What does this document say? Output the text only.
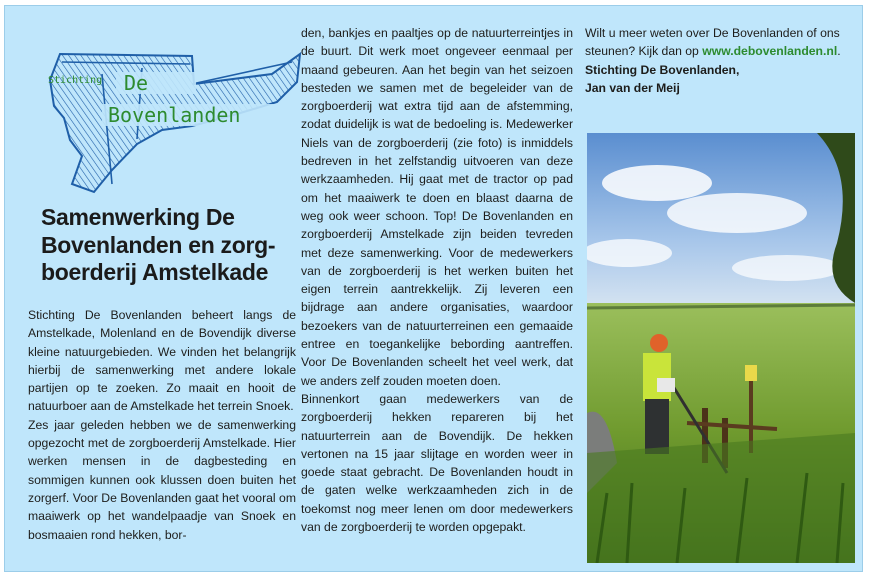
Stichting De
Bovenlanden
Samenwerking De Bovenlanden en zorg-boerderij Amstelkade

Stichting De Bovenlanden beheert langs de Amstelkade, Molenland en de Bovendijk diverse kleine natuurgebieden. We vinden het belangrijk hierbij de samenwerking met andere lokale partijen op te zoeken. Zo maait en hooit de natuurboer aan de Amstelkade het terrein Snoek.

Zes jaar geleden hebben we de samenwerking opgezocht met de zorgboerderij Amstelkade. Hier werken mensen in de dagbesteding en sommigen kunnen ook klussen doen buiten het zorgerf. Voor De Bovenlanden gaat het vooral om maaiwerk op het wandelpaadje van Snoek en bosmaaien rond hekken, bor-

den, bankjes en paaltjes op de natuurterreintjes in de buurt. Dit werk moet ongeveer eenmaal per maand gebeuren. Aan het begin van het seizoen besteden we samen met de begeleider van de zorgboerderij wat extra tijd aan de afstemming, zodat duidelijk is wat de bedoeling is. Medewerker Niels van de zorgboerderij (zie foto) is inmiddels bedreven in het zelfstandig uitvoeren van deze werkzaamheden. Hij gaat met de tractor op pad om het maaiwerk te doen en blaast daarna de weg ook weer schoon. Top! De Bovenlanden en zorgboerderij Amstelkade zijn beiden tevreden met deze samenwerking. Voor de medewerkers van de zorgboerderij is het werken buiten het eigen terrein aantrekkelijk. Zij leveren een bijdrage aan andere organisaties, waardoor bezoekers van de natuurterreinen een gemaaide entree en toegankelijke bebording aantreffen. Voor De Bovenlanden scheelt het veel werk, dat we anders zelf zouden moeten doen.

Binnenkort gaan medewerkers van de zorgboerderij hekken repareren bij het natuurterrein aan de Bovendijk. De hekken vertonen na 15 jaar slijtage en worden weer in goede staat gebracht. De Bovenlanden houdt in de gaten welke werkzaamheden zich in de toekomst nog meer lenen om door medewerkers van de zorgboerderij te worden opgepakt.

Wilt u meer weten over De Bovenlanden of ons steunen? Kijk dan op www.debovenlanden.nl.

Stichting De Bovenlanden,
Jan van der Meij
